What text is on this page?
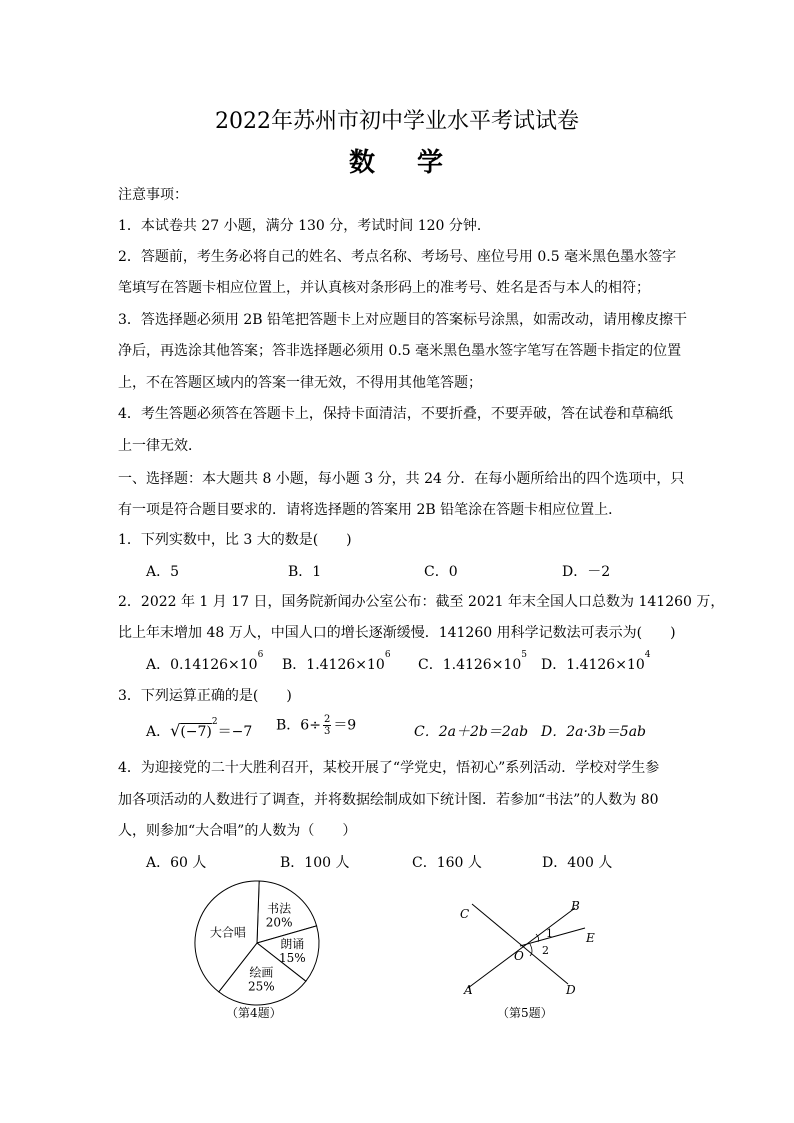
2022年苏州市初中学业水平考试试卷
数 学
注意事项：
1．本试卷共 27 小题，满分 130 分，考试时间 120 分钟．
2．答题前，考生务必将自己的姓名、考点名称、考场号、座位号用 0.5 毫米黑色墨水签字
笔填写在答题卡相应位置上，并认真核对条形码上的准考号、姓名是否与本人的相符；
3．答选择题必须用 2B 铅笔把答题卡上对应题目的答案标号涂黑，如需改动，请用橡皮擦干
净后，再选涂其他答案；答非选择题必须用 0.5 毫米黑色墨水签字笔写在答题卡指定的位置
上，不在答题区域内的答案一律无效，不得用其他笔答题；
4．考生答题必须答在答题卡上，保持卡面清洁，不要折叠，不要弄破，答在试卷和草稿纸
上一律无效．
一、选择题：本大题共 8 小题，每小题 3 分，共 24 分．在每小题所给出的四个选项中，只
有一项是符合题目要求的．请将选择题的答案用 2B 铅笔涂在答题卡相应位置上．
1．下列实数中，比 3 大的数是(　　)
A．5	B．1	C．0	D．－2
2．2022 年 1 月 17 日，国务院新闻办公室公布：截至 2021 年末全国人口总数为 141260 万，
比上年末增加 48 万人，中国人口的增长逐渐缓慢．141260 用科学记数法可表示为(　　)
A．$0.14126\times 10^6$
B．$1.4126\times 10^6$
C．$1.4126\times 10^5$
D．$1.4126\times 10^4$
3．下列运算正确的是(　　)
A．$√(-7)^2=-7$ B．$6\div \frac{2}{3} =9$	C．2a＋2b＝2ab D．2a·3b＝5ab
4．为迎接党的二十大胜利召开，某校开展了“学党史，悟初心”系列活动．学校对学生参
加各项活动的人数进行了调查，并将数据绘制成如下统计图．若参加“书法”的人数为 80
人，则参加“大合唱”的人数为（　　）
A．60 人	B．100 人	C．160 人	D．400 人
书法
20%
朗诵
15%
绘画
25%
大合唱
（第4题）
C
B
E
O
A	D
1
2
（第5题）
